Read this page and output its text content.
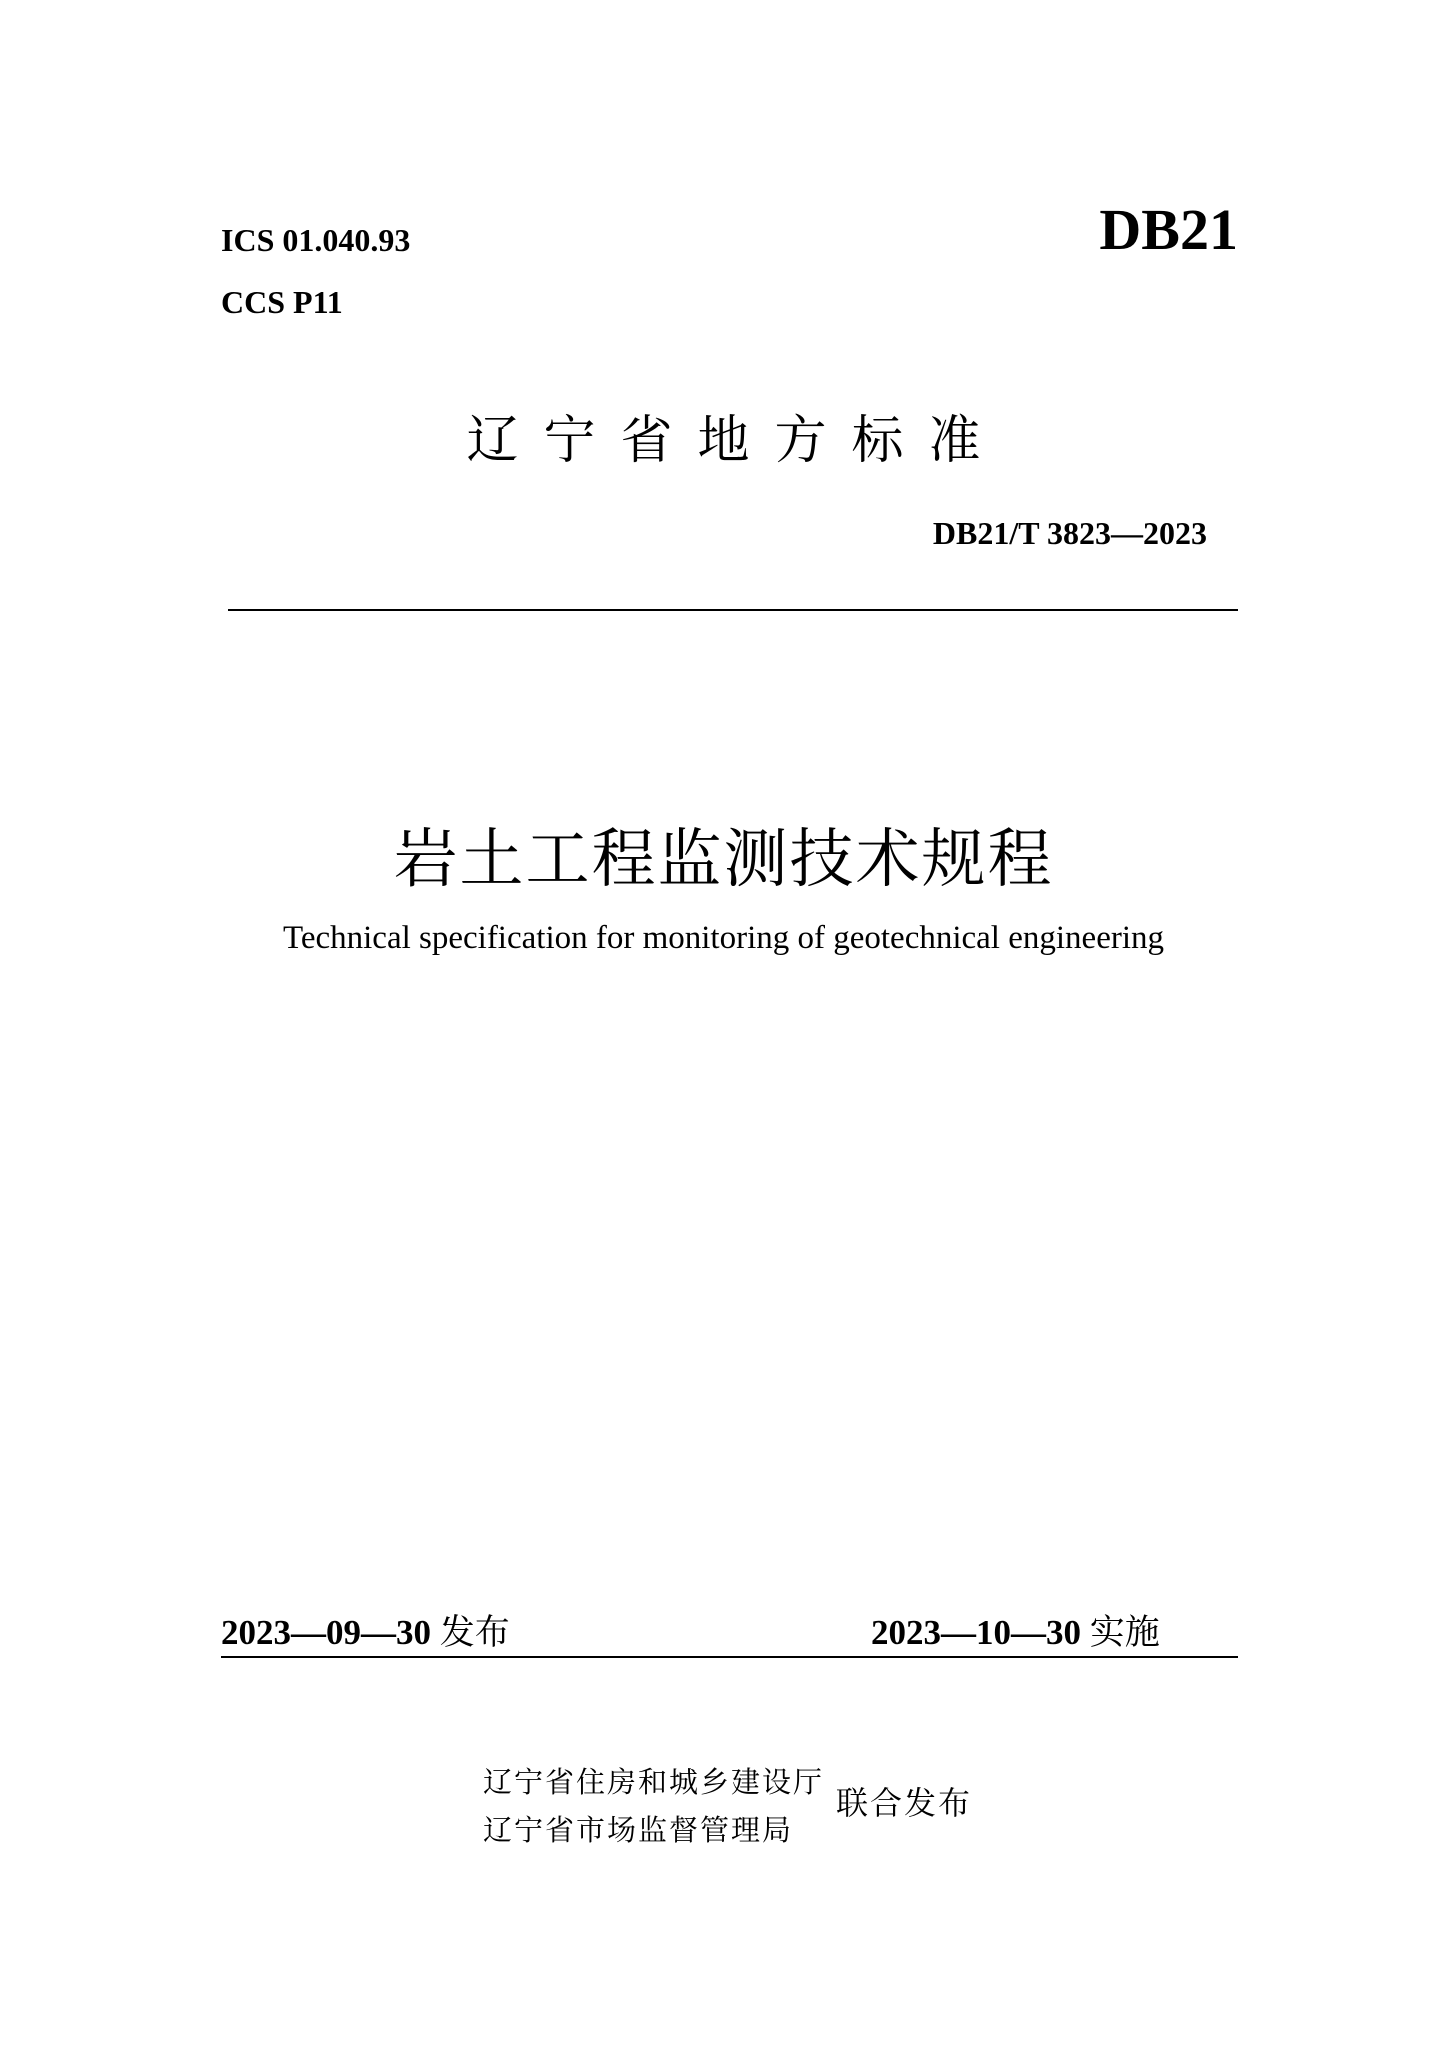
ICS 01.040.93
CCS P11
DB21
辽宁省地方标准
DB21/T 3823—2023
岩土工程监测技术规程
Technical specification for monitoring of geotechnical engineering
2023—09—30 发布	2023—10—30 实施
辽宁省住房和城乡建设厅
辽宁省市场监督管理局
联合发布
